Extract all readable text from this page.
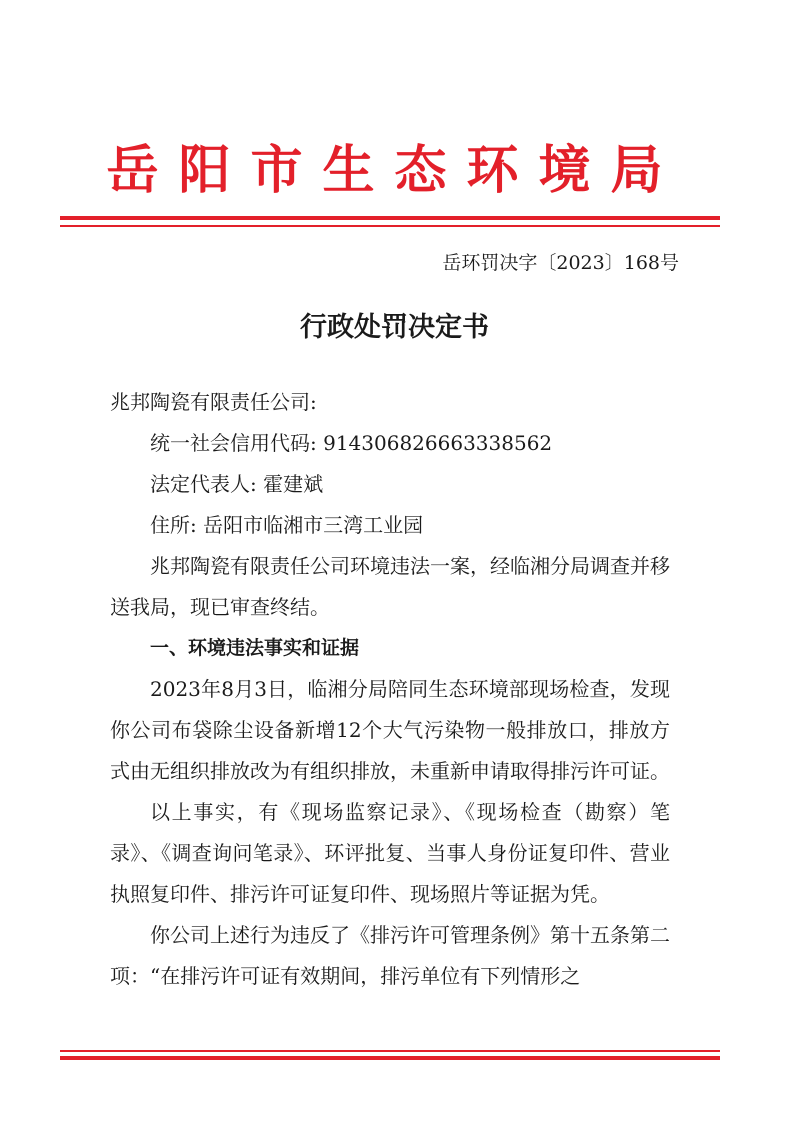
岳阳市生态环境局
岳环罚决字〔2023〕168号
行政处罚决定书

兆邦陶瓷有限责任公司:

统一社会信用代码: 91430682666333856​2

法定代表人: 霍建斌

住所: 岳阳市临湘市三湾工业园

兆邦陶瓷有限责任公司环境违法一案，经临湘分局调查并移送我局，现已审查终结。

一、环境违法事实和证据

2023年8月3日，临湘分局陪同生态环境部现场检查，发现你公司布袋除尘设备新增12个大气污染物一般排放口，排放方式由无组织排放改为有组织排放，未重新申请取得排污许可证。

以上事实，有《现场监察记录》、《现场检查（勘察）笔录》、《调查询问笔录》、环评批复、当事人身份证复印件、营业执照复印件、排污许可证复印件、现场照片等证据为凭。

你公司上述行为违反了《排污许可管理条例》第十五条第二项：“在排污许可证有效期间，排污单位有下列情形之
